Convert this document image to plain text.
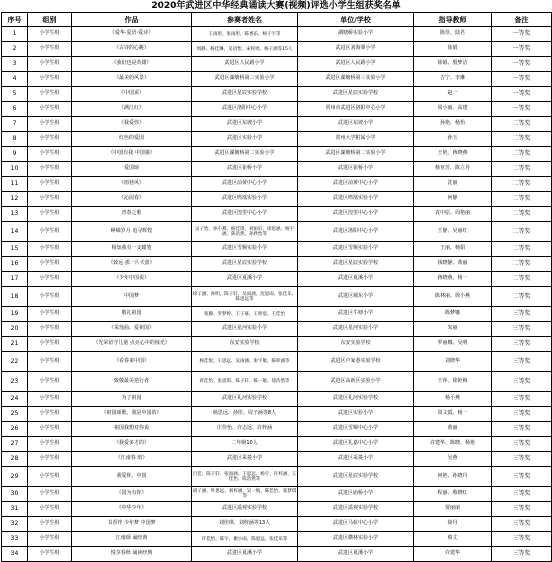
2020年武进区中华经典诵读大赛(视频)评选小学生组获奖名单
序号	组别	作品	参赛者姓名	单位/学校	指导教师	备注
1	小学生组	《爱华·爱语·爱诗》	王雨彤、张雨彤、陈香乐、杨子宇等	湖塘桥实验小学	陈佳、陆君	一等奖
2	小学生组	《古诗的心跳》	周静、杨佳琳、吴语怡、宋梓瑶、杨子涵等15人	武进区刘海粟小学	徐娟	一等奖
3	小学生组	《我们也是英雄》	武进区人民路小学	武进区人民路小学	徐娟、殷梦洁	一等奖
4	小学生组	《最美的风景》	武进区湖塘桥第三实验小学	武进区湖塘桥第三实验小学	吉宁、李琳	一等奖
5	小学生组	《中国说》	武进区星辰实验学校	武进区星辰实验学校	赵一	一等奖
6	小学生组	《满江红》	武进区洛阳中心小学	常州市武进区洛阳中心小学	周小丽、高建	一等奖
7	小学生组	《我爱你》	武进区东坡小学	武进区东坡小学	孙艳、杨怡	二等奖
8	小学生组	红色的爱国	武进区实验小学	常州大学附属小学	孙玉	二等奖
9	小学生组	《中国有我 中国强》	武进区湖塘桥第二实验小学	武进区湖塘桥第二实验小学	王艳、蒋晓燕	二等奖
10	小学生组	爱国颂	武进区崔桥小学	武进区崔桥小学	杨亚芳、陈立丹	二等奖
11	小学生组	《雨巷风》	武进区前黄中心小学	武进区前黄中心小学	沈丽	二等奖
12	小学生组	《沁园春》	武进区鸣凰实验小学	武进区鸣凰实验小学	何静	二等奖
13	小学生组	青春之歌	武进区湟里中心小学	武进区湟里中心小学	袁中原、周艳丽	二等奖
14	小学生组	峥嵘岁月 追寻辉煌	吴子怡、孙小燕、杨佳琪、刘雨轩、徐思涵、杨宇涵、陈浩然、孙欣怡等	武进区洛阳中心小学	王静、吴丽红	二等奖
15	小学生组	相知我有一支蜡笔	武进区雪堰实验小学	武进区雪堰实验小学	王丽、杨娟	二等奖
16	小学生组	《致远·那一片天蓝》	武进区星辰实验学校	武进区星辰实验学校	钱晓静、黄丽	二等奖
17	小学生组	《少年中国说》	武进区夏溪小学	武进区夏溪小学	蒋晓燕、杨一	二等奖
18	小学生组	中国梦	徐子涵、孙明、陈子轩、吴雨涵、沈思雨、张佳乐、陈思远等	武进区城东小学	陈林丽、徐小燕	二等奖
19	小学生组	敬礼祖国	张静、罗梦婷、王子豪、王梓宸、王佳怡	武进区牛塘小学	陈梦娜	三等奖
20	小学生组	《采莲曲、爱祖国》	武进区星河实验小学	武进区星河实验小学	朱丽	三等奖
21	小学生组	《光荣留守儿童 点亮心中的烛光》	东安实验学校	东安实验学校	罗丽娜、吴明	三等奖
22	小学生组	《看春来中国》	杨佳悦、王思远、吴雨涵、张宇航、陈梓涵等	武进区卢家巷实验学校	刘晓华	三等奖
23	小学生组	致敬最美逆行者	蒋佳怡、张思琪、陈子轩、陈一航、徐浩然等	武进区高新区实验小学	王萍、徐艳梅	三等奖
24	小学生组	为了祖国	武进区礼河实验学校	武进区礼河实验学校	杨小燕	三等奖
25	小学生组	《祖国颂歌、我是中国的》	杨思远、孙佳、周子涵等8人	武进区实验小学	周文霞、杨一	三等奖
26	小学生组	祖国我想对你说	庄佳怡、许志远、许梓涵	武进区雪堰中心小学	黄丽	三等奖
27	小学生组	《我爱多才的》	二年级10人	武进区礼嘉中心小学	许建华、陈晓、杨艳	三等奖
28	小学生组	《江南春 雨》	武进区采菱小学	武进区采菱小学	吴燕	三等奖
29	小学生组	我爱你，中国	吕佳、陈子轩、张雨涵、王思远、杨宇、许梓涵、王佳怡、陈浩然等	武进区星辰实验学校	何艳、孙晓丹	三等奖
30	小学生组	《国为有你》	胡子涵、叶思远、刘梓涵、吴一航、陈佳怡、张梦琪等	武进区庙桥小学	程丽、蔡晓红	三等奖
31	小学生组	《中华少年》	武进区遥观实验学校	武进区遥观实验学校	贾丽丽	三等奖
32	小学生组	书香伴 少年梦 中国梦	刘佳琪、刘梓涵等13人	武进区马杭中心小学	徐丹	三等奖
33	小学生组	江南颂 诵经典	许佳怡、陈宇、谢小雨、陈思远、张佳乐等	武进区横林实验小学	蔡丈	三等奖
34	小学生组	悦享春秋 诵读经典	武进区夏溪小学	武进区夏溪小学	许建华	三等奖
